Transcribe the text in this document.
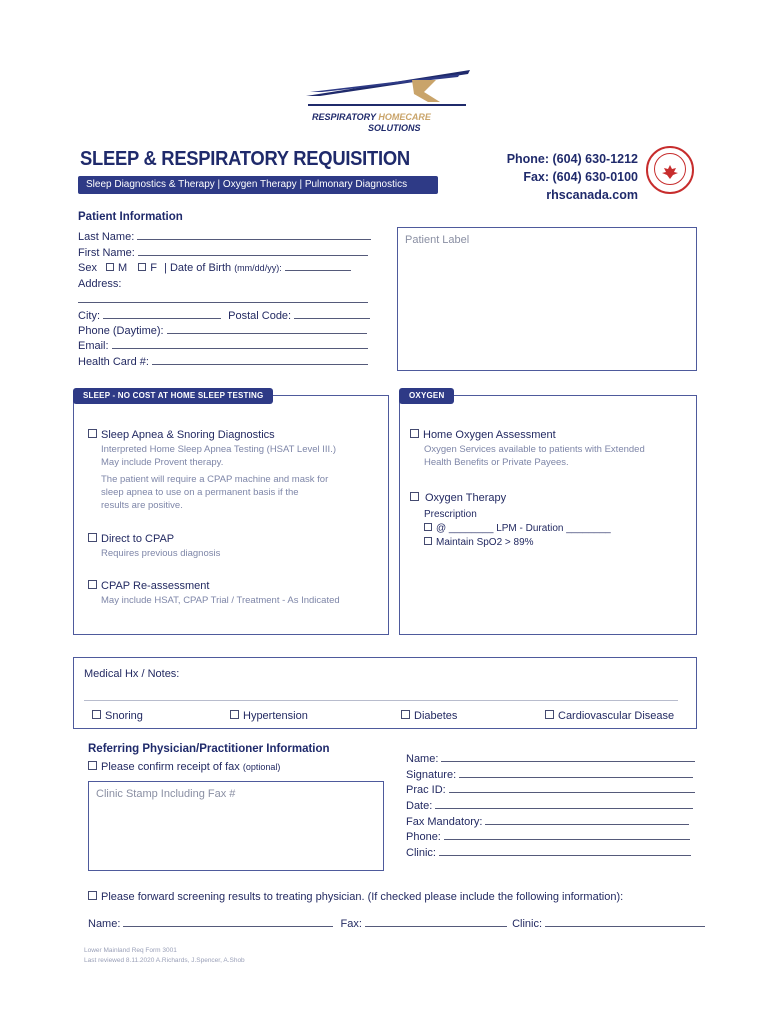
RESPIRATORY HOMECARE
SOLUTIONS
SLEEP & RESPIRATORY REQUISITION
Sleep Diagnostics & Therapy | Oxygen Therapy | Pulmonary Diagnostics
Phone: (604) 630-1212
Fax: (604) 630-0100
rhscanada.com
Patient Information
Last Name:
First Name:
Sex M F | Date of Birth (mm/dd/yy):
Address:
City:	Postal Code:
Phone (Daytime):
Email:
Health Card #:
Patient Label
SLEEP - NO COST AT HOME SLEEP TESTING
Sleep Apnea & Snoring Diagnostics
Interpreted Home Sleep Apnea Testing (HSAT Level III.)
May include Provent therapy.
The patient will require a CPAP machine and mask for
sleep apnea to use on a permanent basis if the
results are positive.
Direct to CPAP
Requires previous diagnosis
CPAP Re-assessment
May include HSAT, CPAP Trial / Treatment - As Indicated
OXYGEN
Home Oxygen Assessment
Oxygen Services available to patients with Extended
Health Benefits or Private Payees.
Oxygen Therapy
Prescription
@ ________ LPM - Duration ________
Maintain SpO2 > 89%
Medical Hx / Notes:
Snoring	Hypertension	Diabetes	Cardiovascular Disease
Referring Physician/Practitioner Information
Please confirm receipt of fax (optional)
Clinic Stamp Including Fax #
Name:
Signature:
Prac ID:
Date:
Fax Mandatory:
Phone:
Clinic:
Please forward screening results to treating physician. (If checked please include the following information):
Name:	Fax:	Clinic:
Lower Mainland Req Form 3001
Last reviewed 8.11.2020 A.Richards, J.Spencer, A.Shob
